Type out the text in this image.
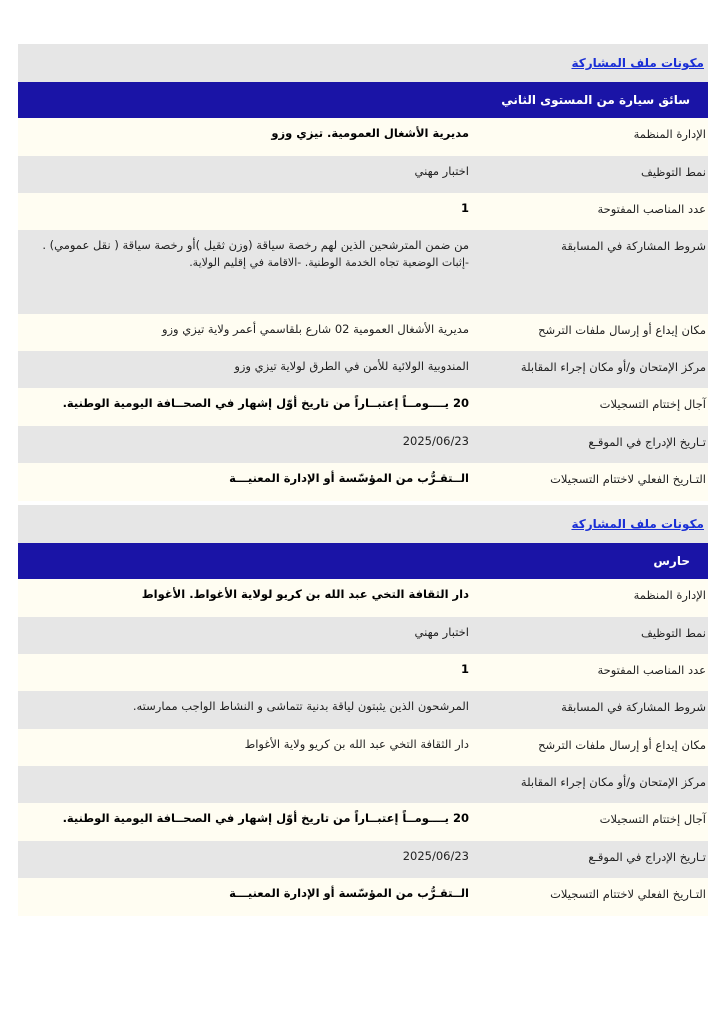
مكونات ملف المشاركة
سائق سيارة من المستوى الثاني
الإدارة المنظمة
مديرية الأشغال العمومية. تيزي وزو
نمط التوظيف
اختبار مهني
عدد المناصب المفتوحة
1
شروط المشاركة في المسابقة
من ضمن المترشحين الذين لهم رخصة سياقة (وزن ثقيل )أو رخصة سياقة ( نقل عمومي) .
-إثبات الوضعية تجاه الخدمة الوطنية. -الاقامة في إقليم الولاية.
مكان إيداع أو إرسال ملفات الترشح
مديرية الأشغال العمومية 02 شارع بلقاسمي أعمر ولاية تيزي وزو
مركز الإمتحان و/أو مكان إجراء المقابلة
المندوبية الولائية للأمن في الطرق لولاية تيزي وزو
آجال إختتام التسجيلات
20 يــــومــاً إعتبــاراً من تاريخ أوّل إشهار في الصحــافة اليومية الوطنية.
تـاريخ الإدراج في الموقـع
2025/06/23
التـاريخ الفعلي لاختتام التسجيلات
الــتقـرُّب من المؤسّسة أو الإدارة المعنيـــة
مكونات ملف المشاركة
حارس
الإدارة المنظمة
دار الثقافة التخي عبد الله بن كريو لولاية الأغواط. الأغواط
نمط التوظيف
اختبار مهني
عدد المناصب المفتوحة
1
شروط المشاركة في المسابقة
المرشحون الذين يثبتون لياقة بدنية تتماشى و النشاط الواجب ممارسته.
مكان إيداع أو إرسال ملفات الترشح
دار الثقافة التخي عبد الله بن كريو ولاية الأغواط
مركز الإمتحان و/أو مكان إجراء المقابلة
آجال إختتام التسجيلات
20 يــــومــاً إعتبــاراً من تاريخ أوّل إشهار في الصحــافة اليومية الوطنية.
تـاريخ الإدراج في الموقـع
2025/06/23
التـاريخ الفعلي لاختتام التسجيلات
الــتقـرُّب من المؤسّسة أو الإدارة المعنيـــة
